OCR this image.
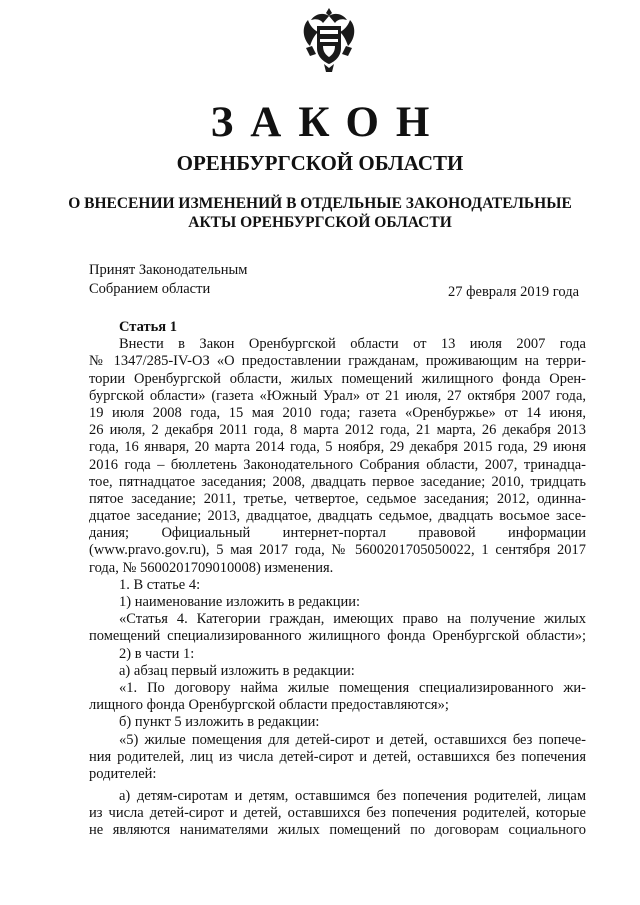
ЗАКОН
ОРЕНБУРГСКОЙ ОБЛАСТИ
О ВНЕСЕНИИ ИЗМЕНЕНИЙ В ОТДЕЛЬНЫЕ ЗАКОНОДАТЕЛЬНЫЕ
АКТЫ ОРЕНБУРГСКОЙ ОБЛАСТИ
Принят Законодательным
Собранием области	27 февраля 2019 года
Статья 1
Внести в Закон Оренбургской области от 13 июля 2007 года
№ 1347/285-IV-ОЗ «О предоставлении гражданам, проживающим на терри-
тории Оренбургской области, жилых помещений жилищного фонда Орен-
бургской области» (газета «Южный Урал» от 21 июля, 27 октября 2007 года,
19 июля 2008 года, 15 мая 2010 года; газета «Оренбуржье» от 14 июня,
26 июля, 2 декабря 2011 года, 8 марта 2012 года, 21 марта, 26 декабря 2013
года, 16 января, 20 марта 2014 года, 5 ноября, 29 декабря 2015 года, 29 июня
2016 года – бюллетень Законодательного Собрания области, 2007, тринадца-
тое, пятнадцатое заседания; 2008, двадцать первое заседание; 2010, тридцать
пятое заседание; 2011, третье, четвертое, седьмое заседания; 2012, одинна-
дцатое заседание; 2013, двадцатое, двадцать седьмое, двадцать восьмое засе-
дания; Официальный интернет-портал правовой информации
(www.pravo.gov.ru), 5 мая 2017 года, № 5600201705050022, 1 сентября 2017
года, № 5600201709010008) изменения.
1. В статье 4:
1) наименование изложить в редакции:
«Статья 4. Категории граждан, имеющих право на получение жилых
помещений специализированного жилищного фонда Оренбургской области»;
2) в части 1:
а) абзац первый изложить в редакции:
«1. По договору найма жилые помещения специализированного жи-
лищного фонда Оренбургской области предоставляются»;
б) пункт 5 изложить в редакции:
«5) жилые помещения для детей-сирот и детей, оставшихся без попече-
ния родителей, лиц из числа детей-сирот и детей, оставшихся без попечения
родителей:
а) детям-сиротам и детям, оставшимся без попечения родителей, лицам
из числа детей-сирот и детей, оставшихся без попечения родителей, которые
не являются нанимателями жилых помещений по договорам социального
